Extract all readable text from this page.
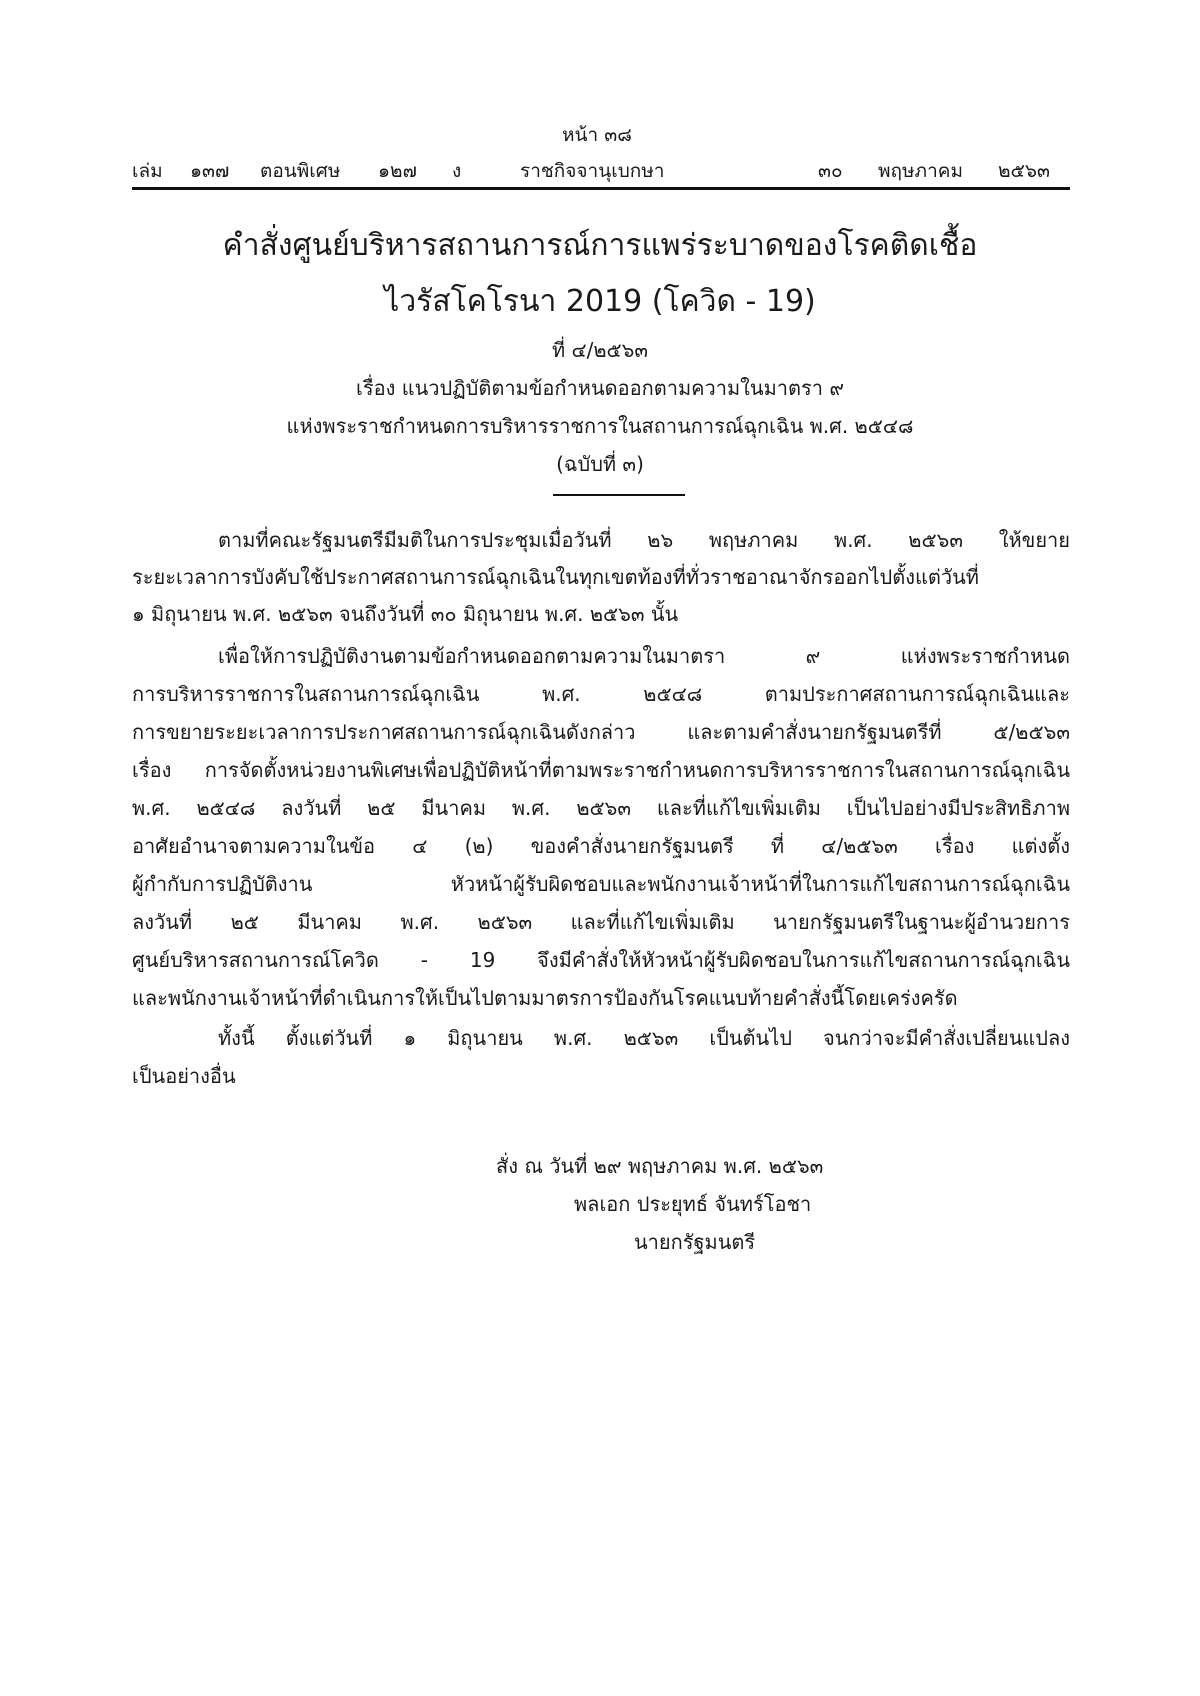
หน้า ๓๘
เล่ม ๑๓๗ ตอนพิเศษ ๑๒๗ ง	ราชกิจจานุเบกษา	๓๐ พฤษภาคม ๒๕๖๓
คำสั่งศูนย์บริหารสถานการณ์การแพร่ระบาดของโรคติดเชื้อ
ไวรัสโคโรนา 2019 (โควิด - 19)
ที่ ๔/๒๕๖๓
เรื่อง แนวปฏิบัติตามข้อกำหนดออกตามความในมาตรา ๙
แห่งพระราชกำหนดการบริหารราชการในสถานการณ์ฉุกเฉิน พ.ศ. ๒๕๔๘
(ฉบับที่ ๓)
ตามที่คณะรัฐมนตรีมีมติในการประชุมเมื่อวันที่ ๒๖ พฤษภาคม พ.ศ. ๒๕๖๓ ให้ขยาย
ระยะเวลาการบังคับใช้ประกาศสถานการณ์ฉุกเฉินในทุกเขตท้องที่ทั่วราชอาณาจักรออกไปตั้งแต่วันที่
๑ มิถุนายน พ.ศ. ๒๕๖๓ จนถึงวันที่ ๓๐ มิถุนายน พ.ศ. ๒๕๖๓ นั้น
เพื่อให้การปฏิบัติงานตามข้อกำหนดออกตามความในมาตรา ๙ แห่งพระราชกำหนด
การบริหารราชการในสถานการณ์ฉุกเฉิน พ.ศ. ๒๕๔๘ ตามประกาศสถานการณ์ฉุกเฉินและ
การขยายระยะเวลาการประกาศสถานการณ์ฉุกเฉินดังกล่าว และตามคำสั่งนายกรัฐมนตรีที่ ๕/๒๕๖๓
เรื่อง การจัดตั้งหน่วยงานพิเศษเพื่อปฏิบัติหน้าที่ตามพระราชกำหนดการบริหารราชการในสถานการณ์ฉุกเฉิน
พ.ศ. ๒๕๔๘ ลงวันที่ ๒๕ มีนาคม พ.ศ. ๒๕๖๓ และที่แก้ไขเพิ่มเติม เป็นไปอย่างมีประสิทธิภาพ
อาศัยอำนาจตามความในข้อ ๔ (๒) ของคำสั่งนายกรัฐมนตรี ที่ ๔/๒๕๖๓ เรื่อง แต่งตั้ง
ผู้กำกับการปฏิบัติงาน หัวหน้าผู้รับผิดชอบและพนักงานเจ้าหน้าที่ในการแก้ไขสถานการณ์ฉุกเฉิน
ลงวันที่ ๒๕ มีนาคม พ.ศ. ๒๕๖๓ และที่แก้ไขเพิ่มเติม นายกรัฐมนตรีในฐานะผู้อำนวยการ
ศูนย์บริหารสถานการณ์โควิด - 19 จึงมีคำสั่งให้หัวหน้าผู้รับผิดชอบในการแก้ไขสถานการณ์ฉุกเฉิน
และพนักงานเจ้าหน้าที่ดำเนินการให้เป็นไปตามมาตรการป้องกันโรคแนบท้ายคำสั่งนี้โดยเคร่งครัด
ทั้งนี้ ตั้งแต่วันที่ ๑ มิถุนายน พ.ศ. ๒๕๖๓ เป็นต้นไป จนกว่าจะมีคำสั่งเปลี่ยนแปลง
เป็นอย่างอื่น
สั่ง ณ วันที่ ๒๙ พฤษภาคม พ.ศ. ๒๕๖๓
พลเอก ประยุทธ์ จันทร์โอชา
นายกรัฐมนตรี
